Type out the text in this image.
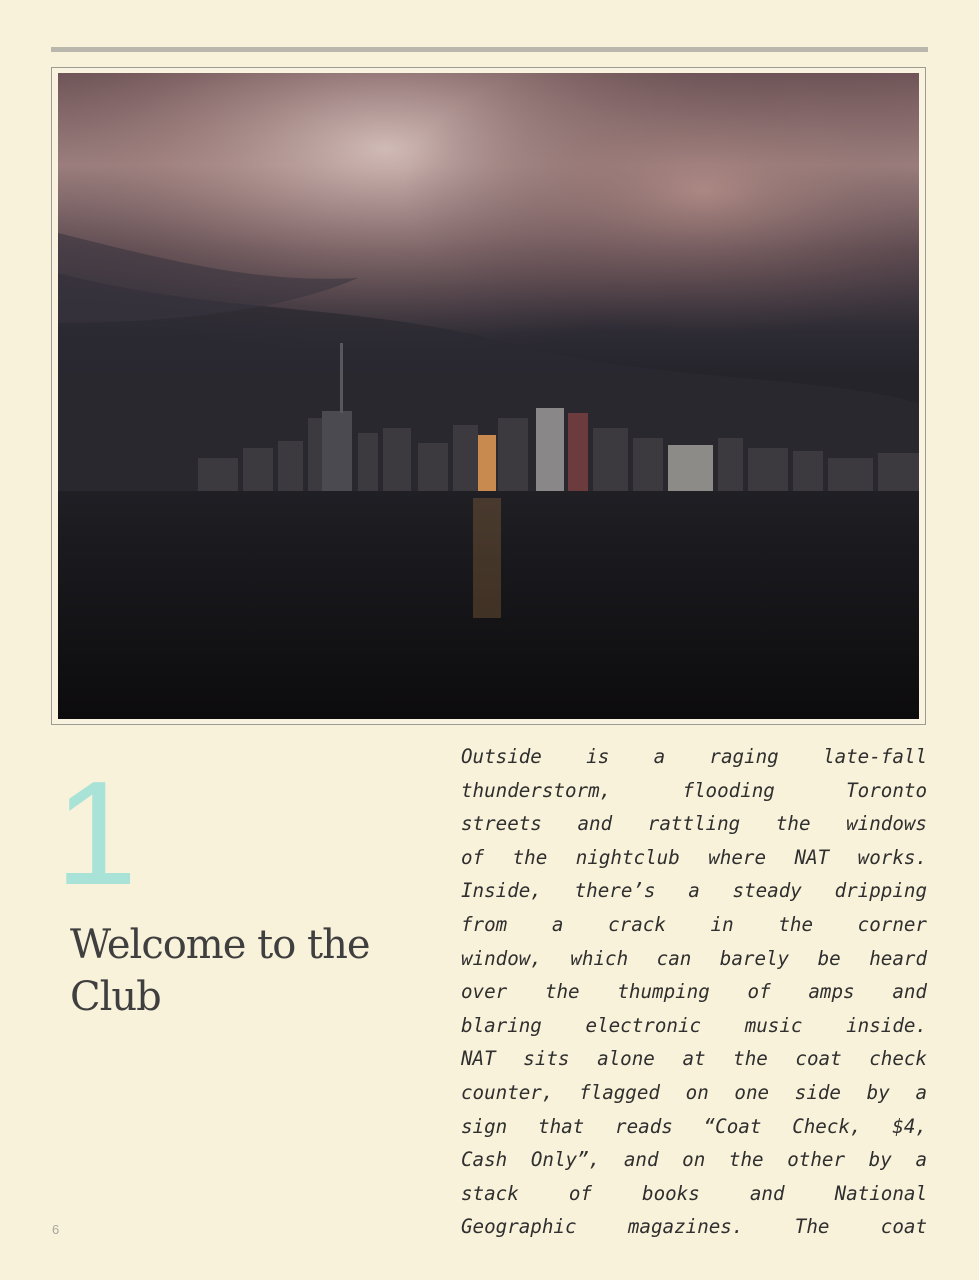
1
Welcome to the Club
Outside is a raging late-fall
thunderstorm, flooding Toronto
streets and rattling the windows
of the nightclub where NAT works.
Inside, there’s a steady dripping
from a crack in the corner
window, which can barely be heard
over the thumping of amps and
blaring electronic music inside.
NAT sits alone at the coat check
counter, flagged on one side by a
sign that reads “Coat Check, $4,
Cash Only”, and on the other by a
stack of books and National
Geographic magazines. The coat
6
